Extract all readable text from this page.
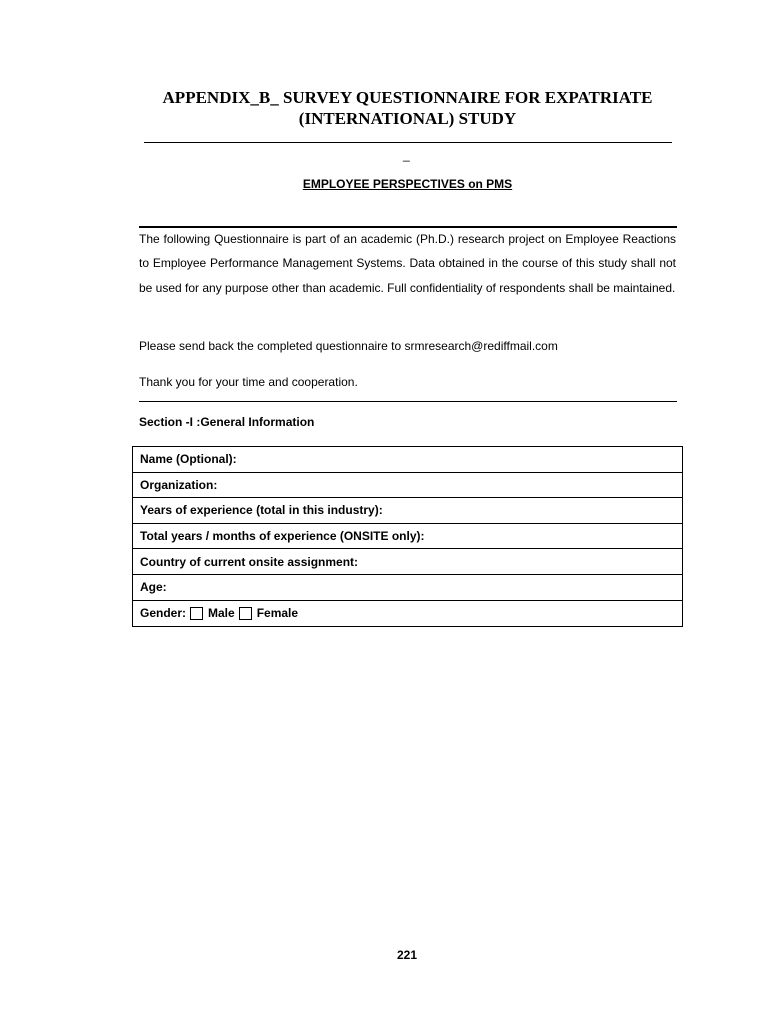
APPENDIX_B_ SURVEY QUESTIONNAIRE FOR EXPATRIATE
(INTERNATIONAL) STUDY
_
EMPLOYEE PERSPECTIVES on PMS
The following Questionnaire is part of an academic (Ph.D.) research project on Employee Reactions to Employee Performance Management Systems. Data obtained in the course of this study shall not be used for any purpose other than academic. Full confidentiality of respondents shall be maintained.
Please send back the completed questionnaire to srmresearch@rediffmail.com
Thank you for your time and cooperation.
Section -I :General Information
Name (Optional):
Organization:
Years of experience (total in this industry):
Total years / months of experience (ONSITE only):
Country of current onsite assignment:
Age:
Gender: Male Female
221
